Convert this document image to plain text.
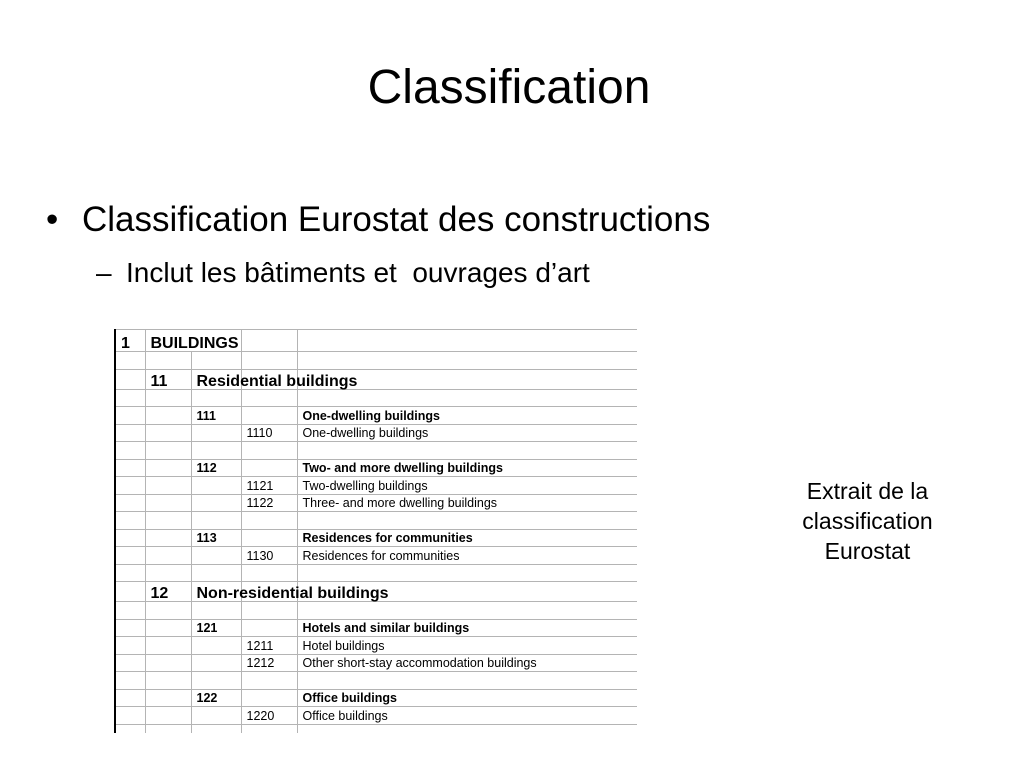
Classification
• Classification Eurostat des constructions
– Inclut les bâtiments et  ouvrages d’art
	1	BUILDINGS			

		11	Residential buildings		

			111		One-dwelling buildings
				1110	One-dwelling buildings

			112		Two- and more dwelling buildings
				1121	Two-dwelling buildings
				1122	Three- and more dwelling buildings

			113		Residences for communities
				1130	Residences for communities

		12	Non-residential buildings		

			121		Hotels and similar buildings
				1211	Hotel buildings
				1212	Other short-stay accommodation buildings

			122		Office buildings
				1220	Office buildings

Extrait de la
classification
Eurostat
